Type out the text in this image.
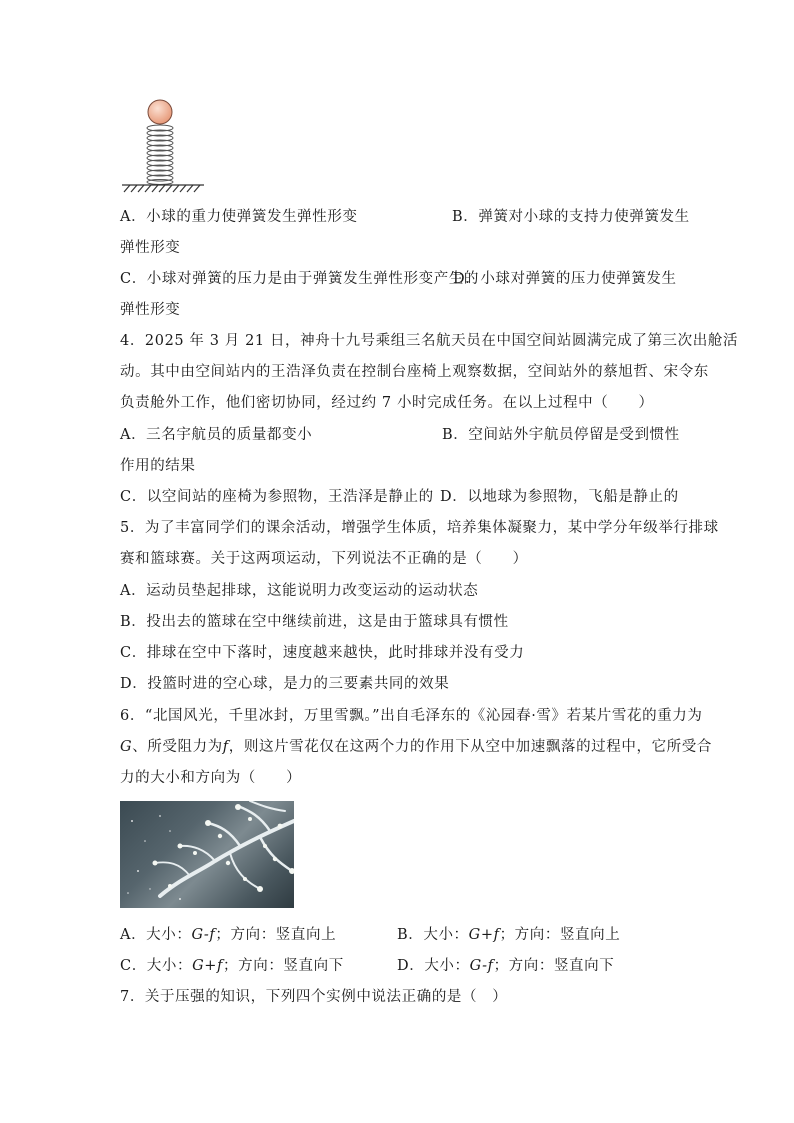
A．小球的重力使弹簧发生弹性形变	B．弹簧对小球的支持力使弹簧发生
弹性形变
C．小球对弹簧的压力是由于弹簧发生弹性形变产生的
D．小球对弹簧的压力使弹簧发生
弹性形变
4．2025 年 3 月 21 日，神舟十九号乘组三名航天员在中国空间站圆满完成了第三次出舱活
动。其中由空间站内的王浩泽负责在控制台座椅上观察数据，空间站外的蔡旭哲、宋令东
负责舱外工作，他们密切协同，经过约 7 小时完成任务。在以上过程中（　　）
A．三名宇航员的质量都变小	B．空间站外宇航员停留是受到惯性
作用的结果
C．以空间站的座椅为参照物，王浩泽是静止的 D．以地球为参照物，飞船是静止的
5．为了丰富同学们的课余活动，增强学生体质，培养集体凝聚力，某中学分年级举行排球
赛和篮球赛。关于这两项运动，下列说法不正确的是（　　）
A．运动员垫起排球，这能说明力改变运动的运动状态
B．投出去的篮球在空中继续前进，这是由于篮球具有惯性
C．排球在空中下落时，速度越来越快，此时排球并没有受力
D．投篮时进的空心球，是力的三要素共同的效果
6．“北国风光，千里冰封，万里雪飘。”出自毛泽东的《沁园春·雪》若某片雪花的重力为
G、所受阻力为f，则这片雪花仅在这两个力的作用下从空中加速飘落的过程中，它所受合
力的大小和方向为（　　）
A．大小：G-f；方向：竖直向上	B．大小：G+f；方向：竖直向上
C．大小：G+f；方向：竖直向下	D．大小：G-f；方向：竖直向下
7．关于压强的知识，下列四个实例中说法正确的是（　）
